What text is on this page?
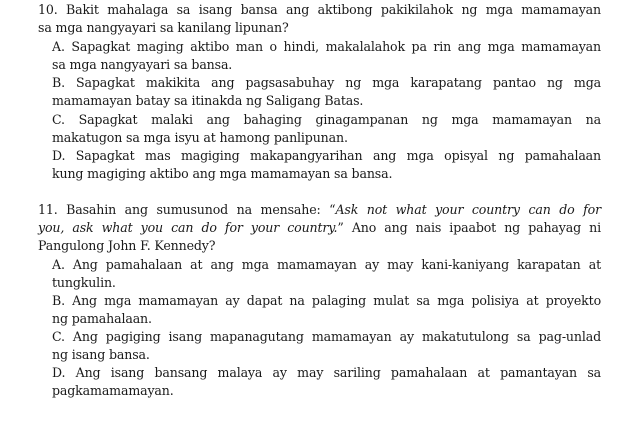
10. Bakit mahalaga sa isang bansa ang aktibong pakikilahok ng mga mamamayan
sa mga nangyayari sa kanilang lipunan?
A. Sapagkat maging aktibo man o hindi, makalalahok pa rin ang mga mamamayan
sa mga nangyayari sa bansa.
B. Sapagkat makikita ang pagsasabuhay ng mga karapatang pantao ng mga
mamamayan batay sa itinakda ng Saligang Batas.
C. Sapagkat malaki ang bahaging ginagampanan ng mga mamamayan na
makatugon sa mga isyu at hamong panlipunan.
D. Sapagkat mas magiging makapangyarihan ang mga opisyal ng pamahalaan
kung magiging aktibo ang mga mamamayan sa bansa.
11. Basahin ang sumusunod na mensahe: “Ask not what your country can do for
you, ask what you can do for your country.” Ano ang nais ipaabot ng pahayag ni
Pangulong John F. Kennedy?
A. Ang pamahalaan at ang mga mamamayan ay may kani-kaniyang karapatan at
tungkulin.
B. Ang mga mamamayan ay dapat na palaging mulat sa mga polisiya at proyekto
ng pamahalaan.
C. Ang pagiging isang mapanagutang mamamayan ay makatutulong sa pag-unlad
ng isang bansa.
D. Ang isang bansang malaya ay may sariling pamahalaan at pamantayan sa
pagkamamamayan.
